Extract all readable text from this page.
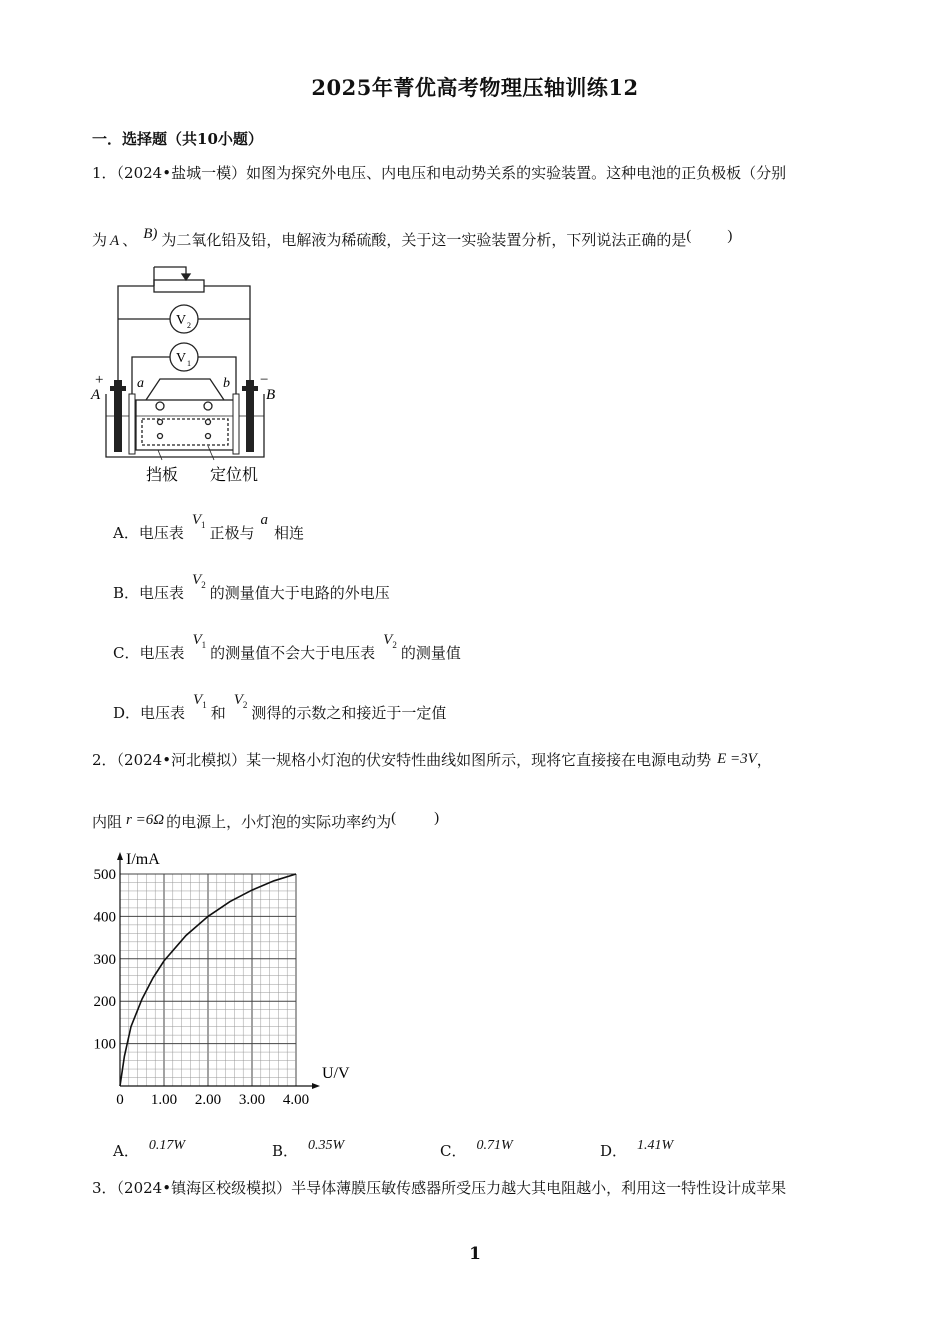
2025年菁优高考物理压轴训练12
一．选择题（共10小题）
1．（2024•盐城一模）如图为探究外电压、内电压和电动势关系的实验装置。这种电池的正负极板（分别
为 A 、 B) 为二氧化铅及铅，电解液为稀硫酸，关于这一实验装置分析，下列说法正确的是( )
V 2
V 1
+	−
A	B
a	b
挡板 定位机
A．电压表$V^1$ 正极与a相连
B．电压表$V^2$ 的测量值大于电路的外电压
C．电压表$V^1$ 的测量值不会大于电压表$V^2$ 的测量值
D．电压表$V^1$ 和$V^2$ 测得的示数之和接近于一定值
2．（2024•河北模拟）某一规格小灯泡的伏安特性曲线如图所示，现将它直接接在电源电动势 E =3V，
内阻 r =6Ω 的电源上，小灯泡的实际功率约为(	)
0 1.00 2.00 3.00 4.00
100
200
300
400
500
U/V
I/mA
A． 0.17W	B． 0.35W	C． 0.71W	D． 1.41W
3．（2024•镇海区校级模拟）半导体薄膜压敏传感器所受压力越大其电阻越小，利用这一特性设计成苹果
1
